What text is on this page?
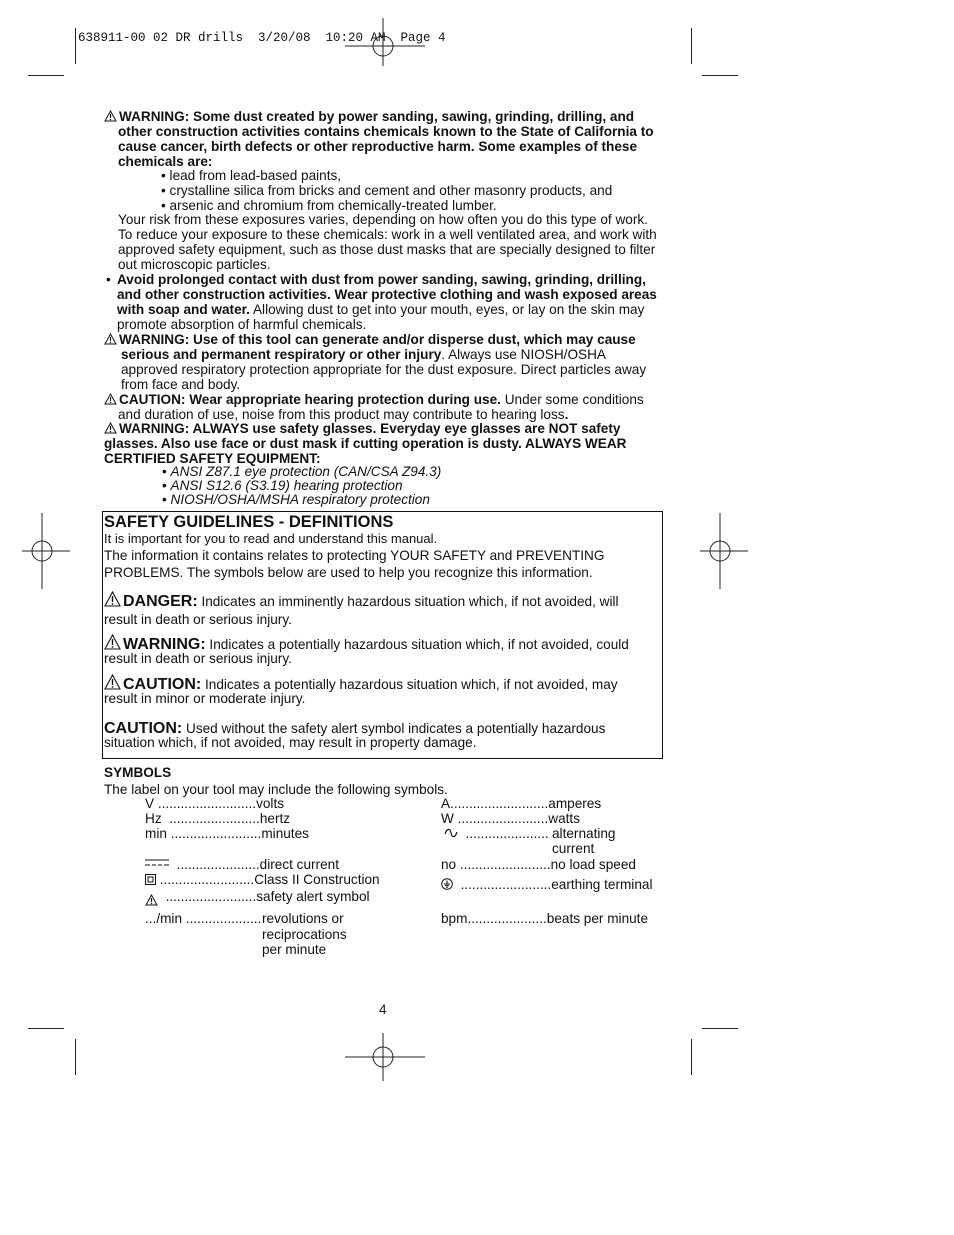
638911-00 02 DR drills  3/20/08  10:20 AM  Page 4
WARNING: Some dust created by power sanding, sawing, grinding, drilling, and other construction activities contains chemicals known to the State of California to cause cancer, birth defects or other reproductive harm. Some examples of these chemicals are:
• lead from lead-based paints,
• crystalline silica from bricks and cement and other masonry products, and
• arsenic and chromium from chemically-treated lumber.
Your risk from these exposures varies, depending on how often you do this type of work. To reduce your exposure to these chemicals: work in a well ventilated area, and work with approved safety equipment, such as those dust masks that are specially designed to filter out microscopic particles.
• Avoid prolonged contact with dust from power sanding, sawing, grinding, drilling, and other construction activities. Wear protective clothing and wash exposed areas with soap and water. Allowing dust to get into your mouth, eyes, or lay on the skin may promote absorption of harmful chemicals.
WARNING: Use of this tool can generate and/or disperse dust, which may cause serious and permanent respiratory or other injury. Always use NIOSH/OSHA approved respiratory protection appropriate for the dust exposure. Direct particles away from face and body.
CAUTION: Wear appropriate hearing protection during use. Under some conditions and duration of use, noise from this product may contribute to hearing loss.
WARNING: ALWAYS use safety glasses. Everyday eye glasses are NOT safety glasses. Also use face or dust mask if cutting operation is dusty. ALWAYS WEAR CERTIFIED SAFETY EQUIPMENT:
• ANSI Z87.1 eye protection (CAN/CSA Z94.3)
• ANSI S12.6 (S3.19) hearing protection
• NIOSH/OSHA/MSHA respiratory protection
SAFETY GUIDELINES - DEFINITIONS
It is important for you to read and understand this manual.
The information it contains relates to protecting YOUR SAFETY and PREVENTING PROBLEMS. The symbols below are used to help you recognize this information.
DANGER: Indicates an imminently hazardous situation which, if not avoided, will result in death or serious injury.
WARNING: Indicates a potentially hazardous situation which, if not avoided, could result in death or serious injury.
CAUTION: Indicates a potentially hazardous situation which, if not avoided, may result in minor or moderate injury.
CAUTION: Used without the safety alert symbol indicates a potentially hazardous situation which, if not avoided, may result in property damage.
SYMBOLS
The label on your tool may include the following symbols.
V ..........................volts
Hz ........................hertz
min ........................minutes
......................direct current
.........................Class II Construction
........................safety alert symbol
.../min .................... revolutions or reciprocations per minute
A..........................amperes
W ........................watts
...................... alternating current
no ........................no load speed
........................earthing terminal
bpm.....................beats per minute
4
